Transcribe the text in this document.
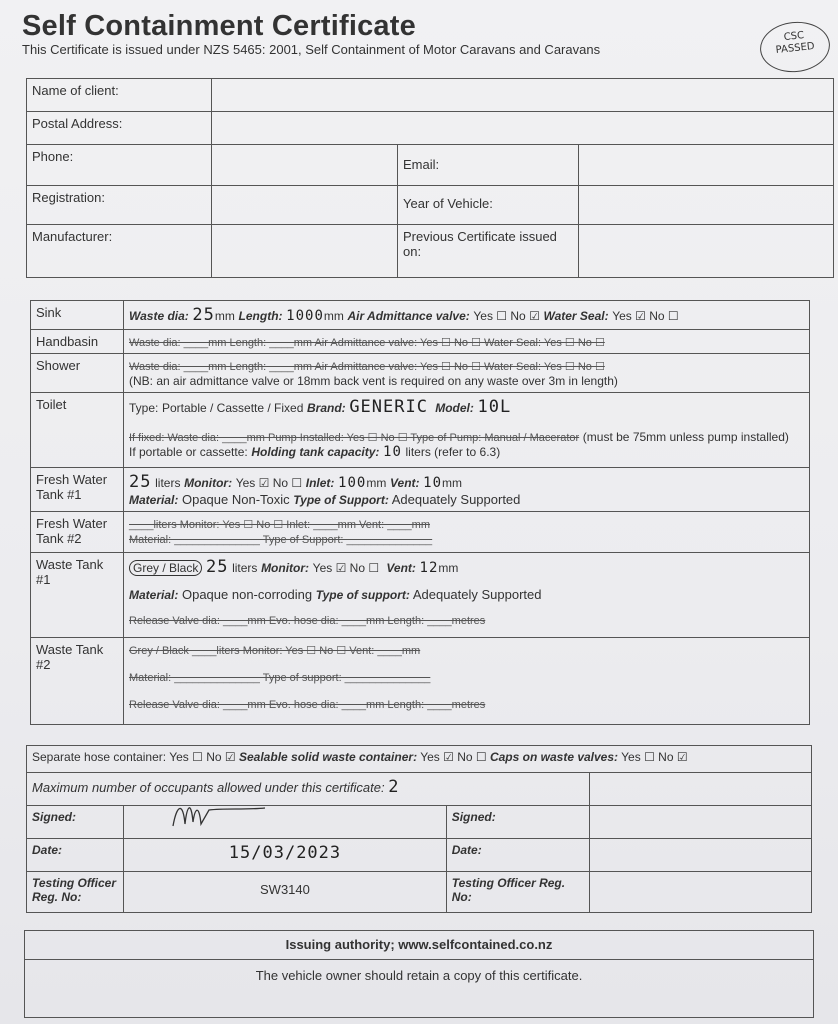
Self Containment Certificate
This Certificate is issued under NZS 5465: 2001, Self Containment of Motor Caravans and Caravans
CSC
PASSED
Name of client:			
Postal Address:			
Phone:		Email:	
Registration:		Year of Vehicle:	
Manufacturer:		Previous Certificate issued on:	
Sink	Waste dia: 25mm Length: 1000mm Air Admittance valve: Yes ☐ No ☑ Water Seal: Yes ☑ No ☐
Handbasin	Waste dia: ____mm Length: ____mm Air Admittance valve: Yes ☐ No ☐ Water Seal: Yes ☐ No ☐
Shower	Waste dia: ____mm Length: ____mm Air Admittance valve: Yes ☐ No ☐ Water Seal: Yes ☐ No ☐
(NB: an air admittance valve or 18mm back vent is required on any waste over 3m in length)
Toilet	Type: Portable / Cassette / Fixed Brand: GENERIC Model: 10L

If fixed: Waste dia: ____mm Pump Installed: Yes ☐ No ☐ Type of Pump: Manual / Macerator (must be 75mm unless pump installed)
If portable or cassette: Holding tank capacity: 10 liters (refer to 6.3)

Fresh Water Tank #1	25 liters Monitor: Yes ☑ No ☐ Inlet: 100mm Vent: 10mm
Material: Opaque Non-Toxic Type of Support: Adequately Supported
Fresh Water Tank #2	____liters Monitor: Yes ☐ No ☐ Inlet: ____mm Vent: ____mm
Material: ______________ Type of Support: ______________
Waste Tank #1	Grey / Black 25 liters Monitor: Yes ☑ No ☐ Vent: 12mm
Material: Opaque non-corroding Type of support: Adequately Supported
Release Valve dia: ____mm Evo. hose dia: ____mm Length: ____metres

Waste Tank #2	Grey / Black ____liters Monitor: Yes ☐ No ☐ Vent: ____mm
Material: ______________ Type of support: ______________
Release Valve dia: ____mm Evo. hose dia: ____mm Length: ____metres
Separate hose container: Yes ☐ No ☑ Sealable solid waste container: Yes ☑ No ☐ Caps on waste valves: Yes ☐ No ☑			
Maximum number of occupants allowed under this certificate: 2			
Signed:		Signed:	
Date:	15/03/2023	Date:	
Testing Officer Reg. No:	SW3140	Testing Officer Reg. No:	
Issuing authority; www.selfcontained.co.nz
The vehicle owner should retain a copy of this certificate.
